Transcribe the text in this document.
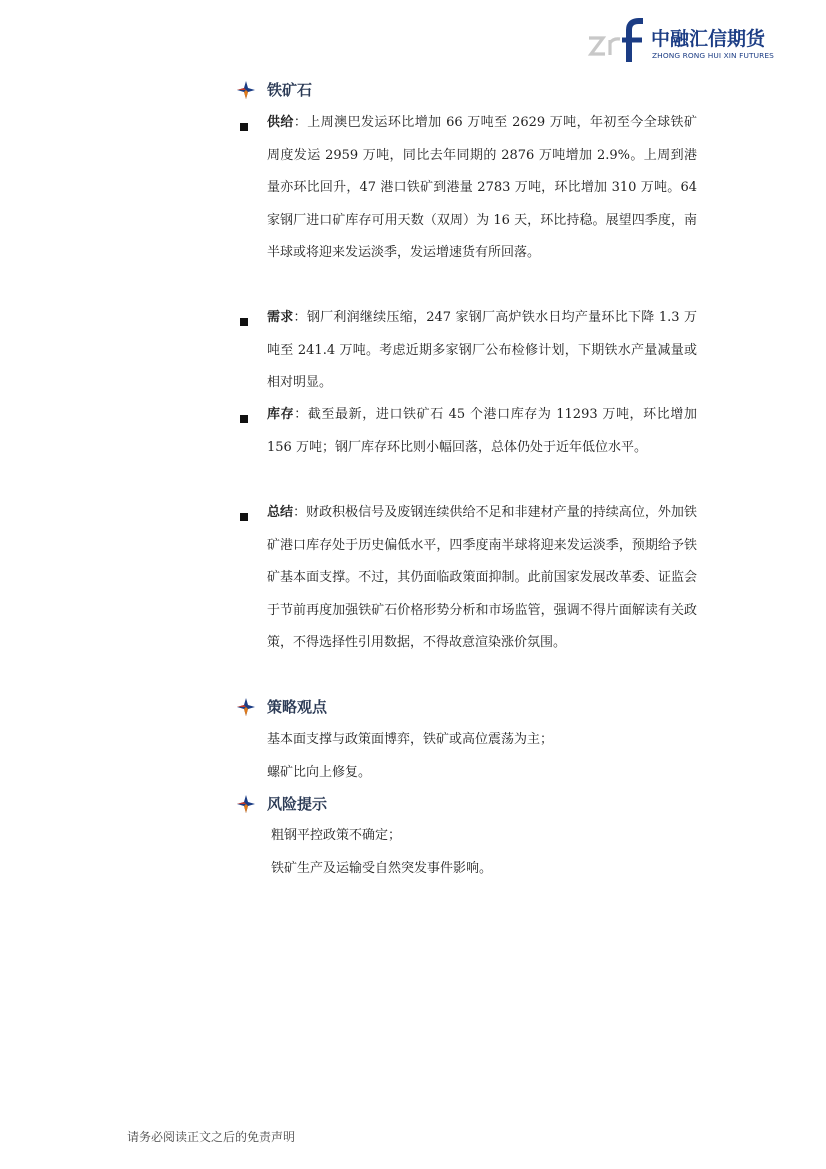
中融汇信期货
ZHONG RONG HUI XIN FUTURES
铁矿石
供给：上周澳巴发运环比增加 66 万吨至 2629 万吨，年初至今全球铁矿周度发运 2959 万吨，同比去年同期的 2876 万吨增加 2.9%。上周到港量亦环比回升，47 港口铁矿到港量 2783 万吨，环比增加 310 万吨。64 家钢厂进口矿库存可用天数（双周）为 16 天，环比持稳。展望四季度，南半球或将迎来发运淡季，发运增速货有所回落。
需求：钢厂利润继续压缩，247 家钢厂高炉铁水日均产量环比下降 1.3 万吨至 241.4 万吨。考虑近期多家钢厂公布检修计划，下期铁水产量减量或相对明显。
库存：截至最新，进口铁矿石 45 个港口库存为 11293 万吨，环比增加 156 万吨；钢厂库存环比则小幅回落，总体仍处于近年低位水平。
总结：财政积极信号及废钢连续供给不足和非建材产量的持续高位，外加铁矿港口库存处于历史偏低水平，四季度南半球将迎来发运淡季，预期给予铁矿基本面支撑。不过，其仍面临政策面抑制。此前国家发展改革委、证监会于节前再度加强铁矿石价格形势分析和市场监管，强调不得片面解读有关政策，不得选择性引用数据，不得故意渲染涨价氛围。
策略观点
基本面支撑与政策面博弈，铁矿或高位震荡为主；
螺矿比向上修复。
风险提示
粗钢平控政策不确定；
铁矿生产及运输受自然突发事件影响。
请务必阅读正文之后的免责声明
